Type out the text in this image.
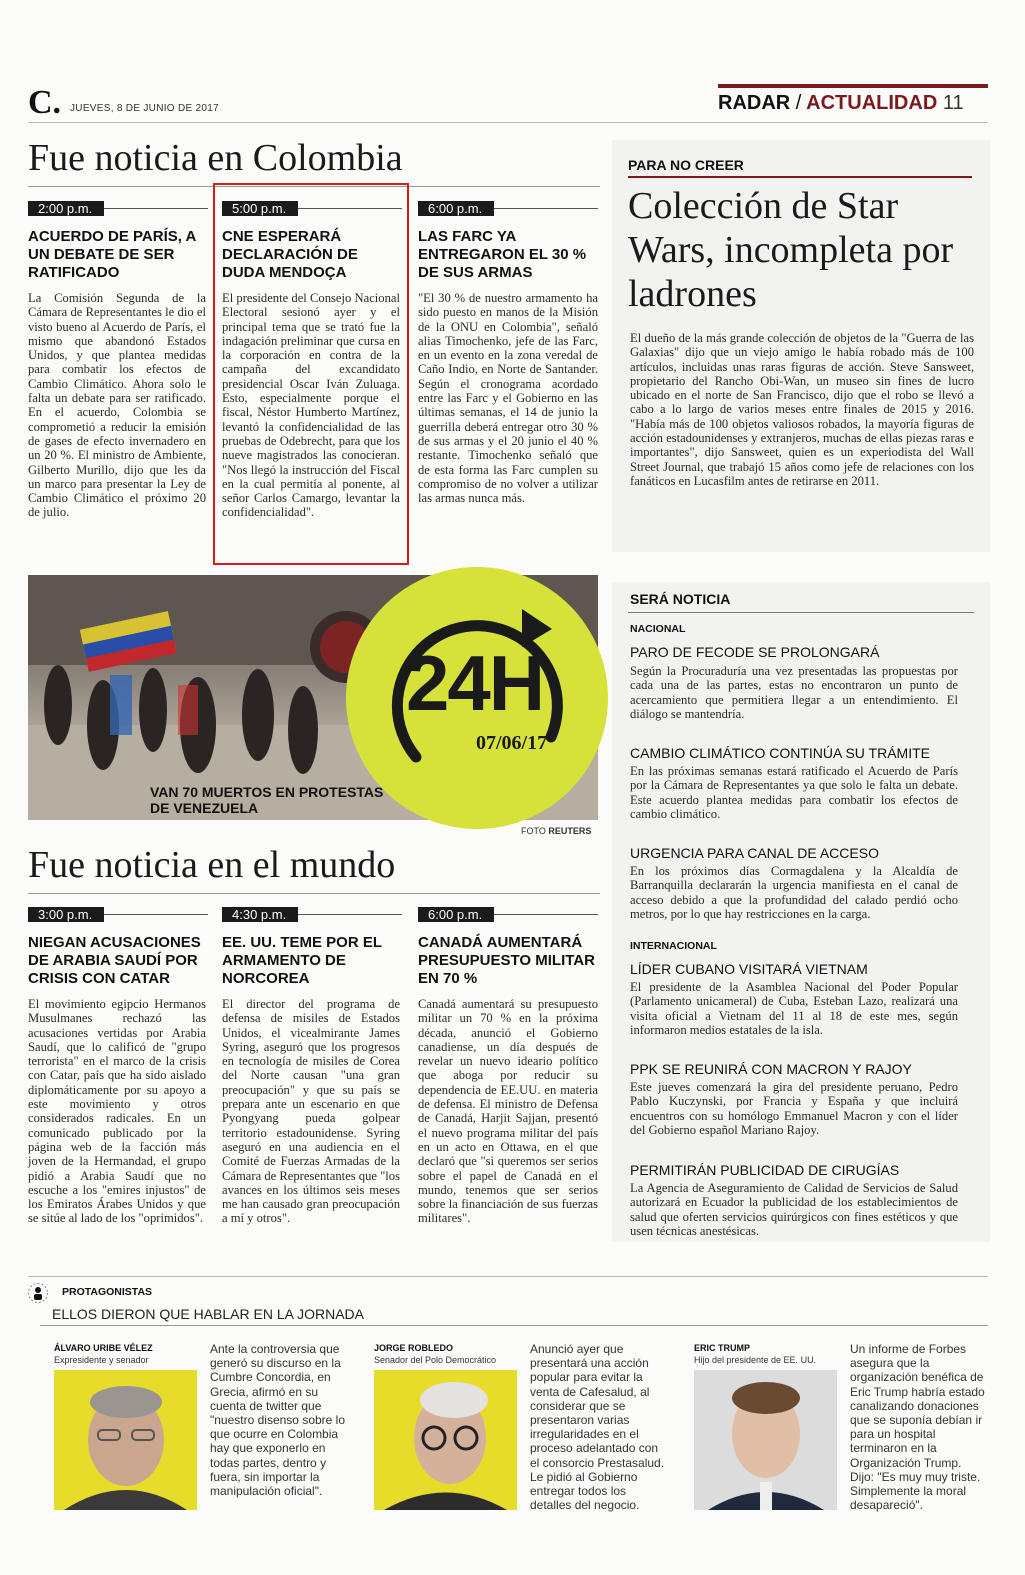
C. JUEVES, 8 DE JUNIO DE 2017	RADAR / ACTUALIDAD 11
Fue noticia en Colombia
2:00 p.m.
ACUERDO DE PARÍS, A UN DEBATE DE SER RATIFICADO
La Comisión Segunda de la Cámara de Representantes le dio el visto bueno al Acuerdo de París, el mismo que abandonó Estados Unidos, y que plantea medidas para combatir los efectos de Cambio Climático. Ahora solo le falta un debate para ser ratificado. En el acuerdo, Colombia se comprometió a reducir la emisión de gases de efecto invernadero en un 20 %. El ministro de Ambiente, Gilberto Murillo, dijo que les da un marco para presentar la Ley de Cambio Climático el próximo 20 de julio.
5:00 p.m.
CNE ESPERARÁ DECLARACIÓN DE DUDA MENDOÇA
El presidente del Consejo Nacional Electoral sesionó ayer y el principal tema que se trató fue la indagación preliminar que cursa en la corporación en contra de la campaña del excandidato presidencial Oscar Iván Zuluaga. Esto, especialmente porque el fiscal, Néstor Humberto Martínez, levantó la confidencialidad de las pruebas de Odebrecht, para que los nueve magistrados las conocieran. "Nos llegó la instrucción del Fiscal en la cual permitía al ponente, al señor Carlos Camargo, levantar la confidencialidad".
6:00 p.m.
LAS FARC YA ENTREGARON EL 30 % DE SUS ARMAS
"El 30 % de nuestro armamento ha sido puesto en manos de la Misión de la ONU en Colombia", señaló alias Timochenko, jefe de las Farc, en un evento en la zona veredal de Caño Indio, en Norte de Santander. Según el cronograma acordado entre las Farc y el Gobierno en las últimas semanas, el 14 de junio la guerrilla deberá entregar otro 30 % de sus armas y el 20 junio el 40 % restante. Timochenko señaló que de esta forma las Farc cumplen su compromiso de no volver a utilizar las armas nunca más.
PARA NO CREER
Colección de Star Wars, incompleta por ladrones
El dueño de la más grande colección de objetos de la "Guerra de las Galaxias" dijo que un viejo amigo le había robado más de 100 artículos, incluidas unas raras figuras de acción. Steve Sansweet, propietario del Rancho Obi-Wan, un museo sin fines de lucro ubicado en el norte de San Francisco, dijo que el robo se llevó a cabo a lo largo de varios meses entre finales de 2015 y 2016. "Había más de 100 objetos valiosos robados, la mayoría figuras de acción estadounidenses y extranjeros, muchas de ellas piezas raras e importantes", dijo Sansweet, quien es un experiodista del Wall Street Journal, que trabajó 15 años como jefe de relaciones con los fanáticos en Lucasfilm antes de retirarse en 2011.
24H
07/06/17
VAN 70 MUERTOS EN PROTESTAS DE VENEZUELA
FOTO REUTERS
SERÁ NOTICIA
NACIONAL
PARO DE FECODE SE PROLONGARÁ
Según la Procuraduría una vez presentadas las propuestas por cada una de las partes, estas no encontraron un punto de acercamiento que permitiera llegar a un entendimiento. El diálogo se mantendría.
CAMBIO CLIMÁTICO CONTINÚA SU TRÁMITE
En las próximas semanas estará ratificado el Acuerdo de París por la Cámara de Representantes ya que solo le falta un debate. Este acuerdo plantea medidas para combatir los efectos de cambio climático.
URGENCIA PARA CANAL DE ACCESO
En los próximos días Cormagdalena y la Alcaldía de Barranquilla declararán la urgencia manifiesta en el canal de acceso debido a que la profundidad del calado perdió ocho metros, por lo que hay restricciones en la carga.
INTERNACIONAL
LÍDER CUBANO VISITARÁ VIETNAM
El presidente de la Asamblea Nacional del Poder Popular (Parlamento unicameral) de Cuba, Esteban Lazo, realizará una visita oficial a Vietnam del 11 al 18 de este mes, según informaron medios estatales de la isla.
PPK SE REUNIRÁ CON MACRON Y RAJOY
Este jueves comenzará la gira del presidente peruano, Pedro Pablo Kuczynski, por Francia y España y que incluirá encuentros con su homólogo Emmanuel Macron y con el líder del Gobierno español Mariano Rajoy.
PERMITIRÁN PUBLICIDAD DE CIRUGÍAS
La Agencia de Aseguramiento de Calidad de Servicios de Salud autorizará en Ecuador la publicidad de los establecimientos de salud que oferten servicios quirúrgicos con fines estéticos y que usen técnicas anestésicas.
Fue noticia en el mundo
3:00 p.m.
NIEGAN ACUSACIONES DE ARABIA SAUDÍ POR CRISIS CON CATAR
El movimiento egipcio Hermanos Musulmanes rechazó las acusaciones vertidas por Arabia Saudí, que lo calificó de "grupo terrorista" en el marco de la crisis con Catar, país que ha sido aislado diplomáticamente por su apoyo a este movimiento y otros considerados radicales. En un comunicado publicado por la página web de la facción más joven de la Hermandad, el grupo pidió a Arabia Saudí que no escuche a los "emires injustos" de los Emiratos Árabes Unidos y que se sitúe al lado de los "oprimidos".
4:30 p.m.
EE. UU. TEME POR EL ARMAMENTO DE NORCOREA
El director del programa de defensa de misiles de Estados Unidos, el vicealmirante James Syring, aseguró que los progresos en tecnología de misiles de Corea del Norte causan "una gran preocupación" y que su país se prepara ante un escenario en que Pyongyang pueda golpear territorio estadounidense. Syring aseguró en una audiencia en el Comité de Fuerzas Armadas de la Cámara de Representantes que "los avances en los últimos seis meses me han causado gran preocupación a mí y otros".
6:00 p.m.
CANADÁ AUMENTARÁ PRESUPUESTO MILITAR EN 70 %
Canadá aumentará su presupuesto militar un 70 % en la próxima década, anunció el Gobierno canadiense, un día después de revelar un nuevo ideario político que aboga por reducir su dependencia de EE.UU. en materia de defensa. El ministro de Defensa de Canadá, Harjit Sajjan, presentó el nuevo programa militar del país en un acto en Ottawa, en el que declaró que "si queremos ser serios sobre el papel de Canadá en el mundo, tenemos que ser serios sobre la financiación de sus fuerzas militares".
PROTAGONISTAS
ELLOS DIERON QUE HABLAR EN LA JORNADA
ÁLVARO URIBE VÉLEZ
Expresidente y senador
Ante la controversia que generó su discurso en la Cumbre Concordia, en Grecia, afirmó en su cuenta de twitter que "nuestro disenso sobre lo que ocurre en Colombia hay que exponerlo en todas partes, dentro y fuera, sin importar la manipulación oficial".
JORGE ROBLEDO
Senador del Polo Democrático
Anunció ayer que presentará una acción popular para evitar la venta de Cafesalud, al considerar que se presentaron varias irregularidades en el proceso adelantado con el consorcio Prestasalud. Le pidió al Gobierno entregar todos los detalles del negocio.
ERIC TRUMP
Hijo del presidente de EE. UU.
Un informe de Forbes asegura que la organización benéfica de Eric Trump habría estado canalizando donaciones que se suponía debían ir para un hospital terminaron en la Organización Trump. Dijo: "Es muy muy triste. Simplemente la moral desapareció".
